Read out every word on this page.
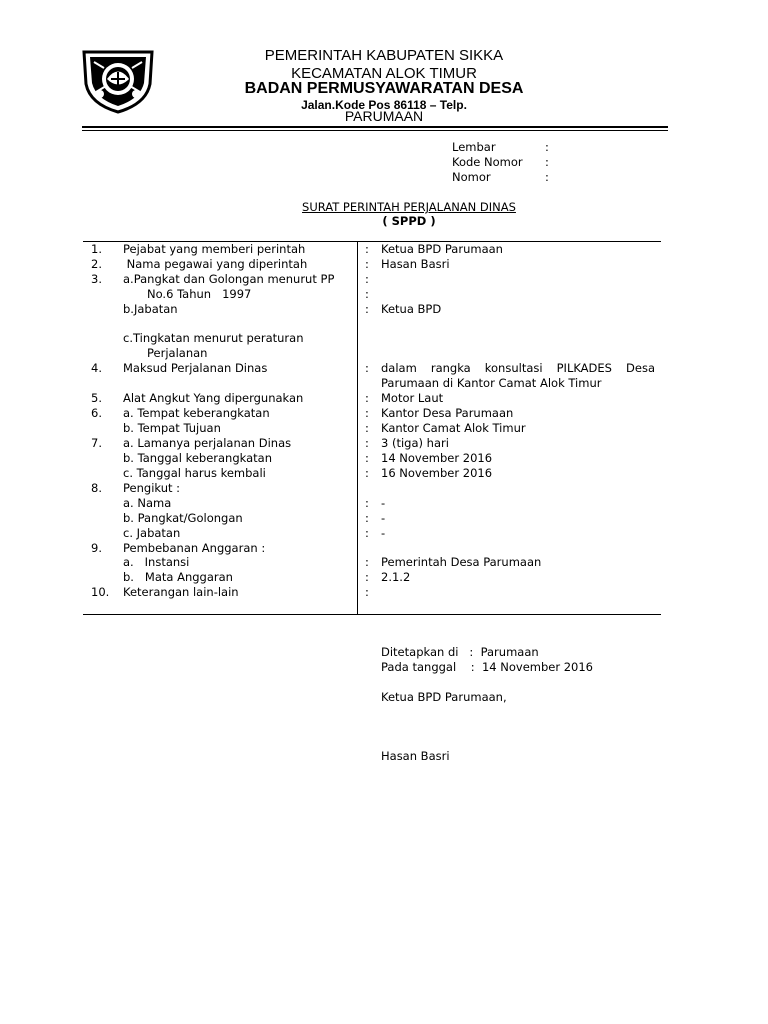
PEMERINTAH KABUPATEN SIKKA
KECAMATAN ALOK TIMUR
BADAN PERMUSYAWARATAN DESA
Jalan.Kode Pos 86118 – Telp.
PARUMAAN
Lembar	:
Kode Nomor :
Nomor	:
SURAT PERINTAH PERJALANAN DINAS
( SPPD )
1. Pejabat yang memberi perintah	: Ketua BPD Parumaan
2. Nama pegawai yang diperintah	: Hasan Basri
3. a.Pangkat dan Golongan menurut PP	:
No.6 Tahun   1997	:
b.Jabatan	: Ketua BPD
c.Tingkatan menurut peraturan
Perjalanan
4. Maksud Perjalanan Dinas	: dalam rangka konsultasi PILKADES Desa
Parumaan di Kantor Camat Alok Timur
5. Alat Angkut Yang dipergunakan	: Motor Laut
6. a. Tempat keberangkatan	: Kantor Desa Parumaan
b. Tempat Tujuan	: Kantor Camat Alok Timur
7. a. Lamanya perjalanan Dinas	: 3 (tiga) hari
b. Tanggal keberangkatan	: 14 November 2016
c. Tanggal harus kembali	: 16 November 2016
8. Pengikut :
a. Nama	: -
b. Pangkat/Golongan	: -
c. Jabatan	: -
9. Pembebanan Anggaran :
a.   Instansi	: Pemerintah Desa Parumaan
b.   Mata Anggaran	: 2.1.2
10. Keterangan lain-lain	:
Ditetapkan di   :  Parumaan
Pada tanggal    :  14 November 2016
Ketua BPD Parumaan,
Hasan Basri
